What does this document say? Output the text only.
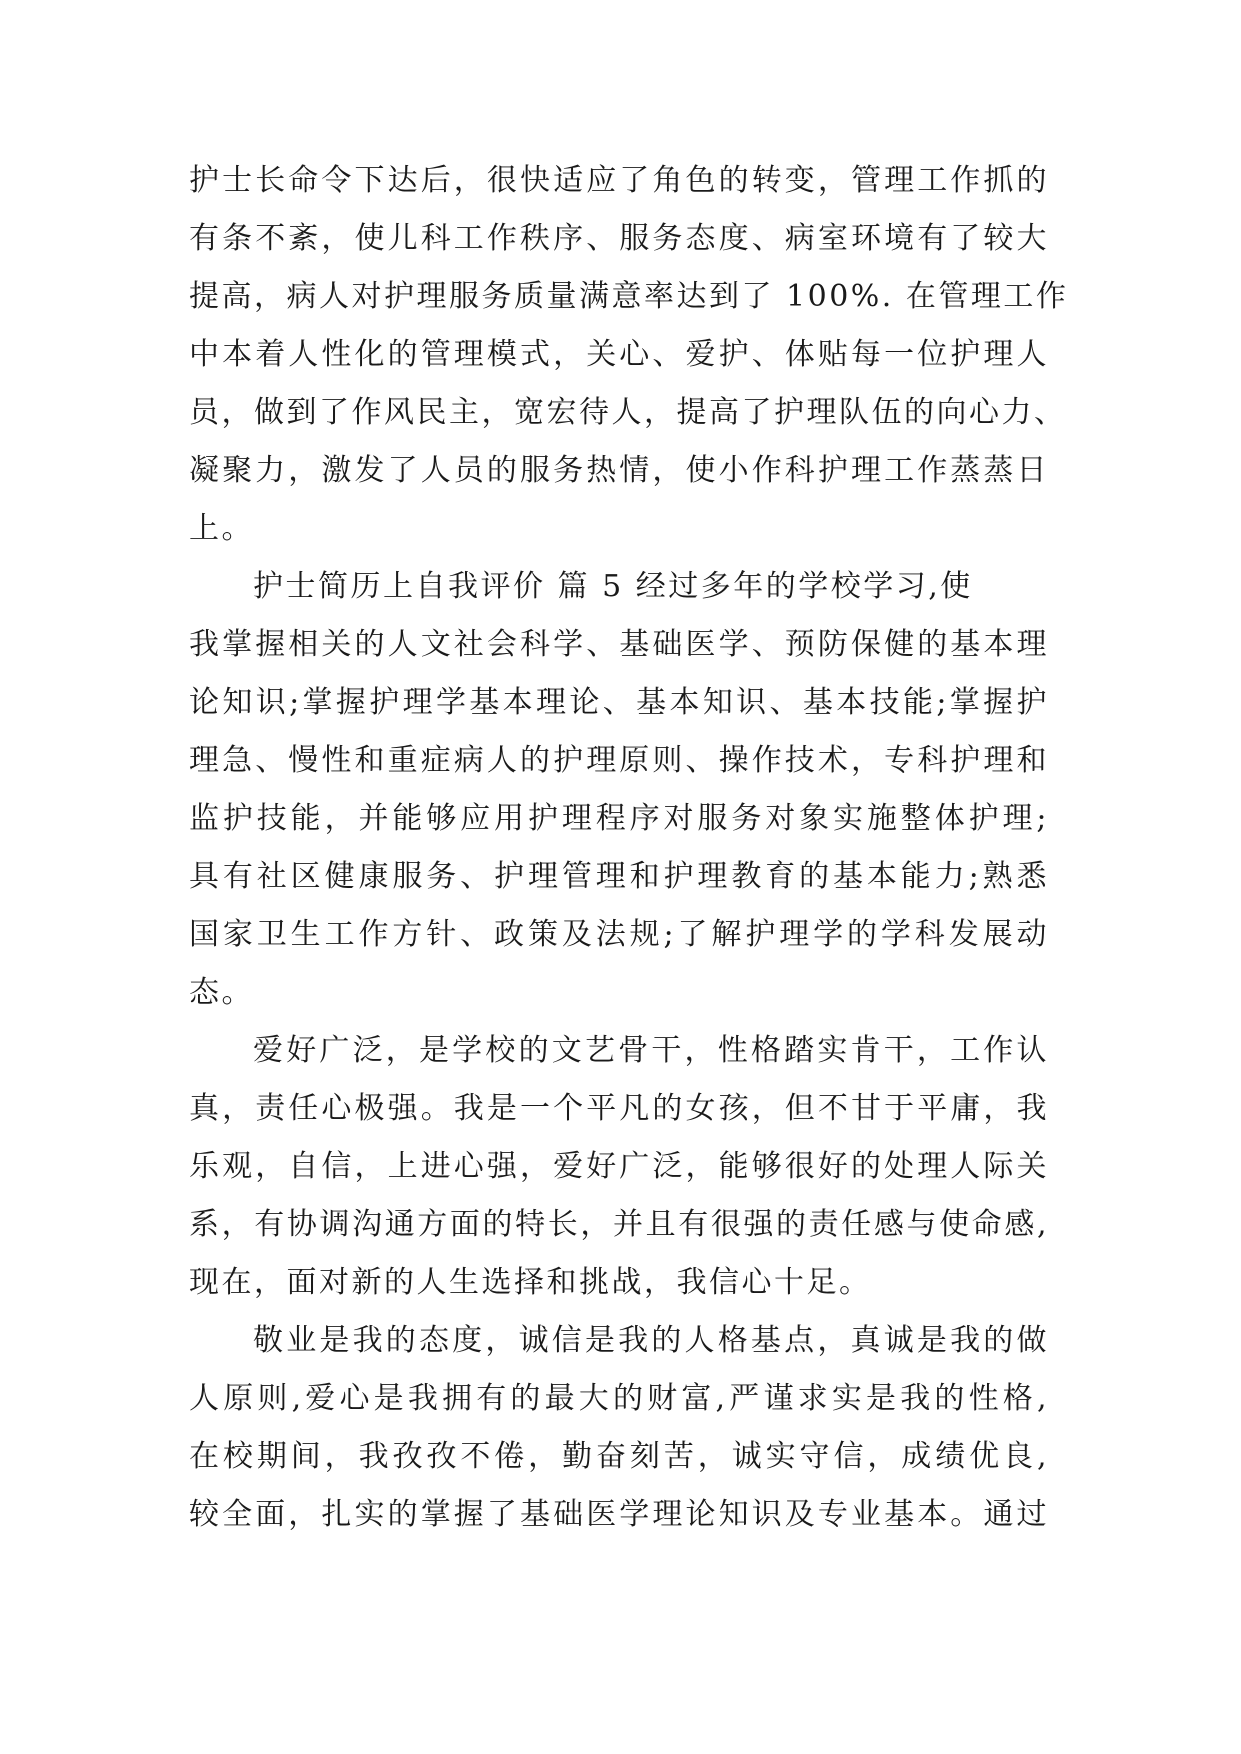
护士长命令下达后，很快适应了角色的转变，管理工作抓的
有条不紊，使儿科工作秩序、服务态度、病室环境有了较大
提高，病人对护理服务质量满意率达到了 100%. 在管理工作
中本着人性化的管理模式，关心、爱护、体贴每一位护理人
员，做到了作风民主，宽宏待人，提高了护理队伍的向心力、
凝聚力，激发了人员的服务热情，使小作科护理工作蒸蒸日
上。
护士简历上自我评价 篇 5 经过多年的学校学习,使
我掌握相关的人文社会科学、基础医学、预防保健的基本理
论知识;掌握护理学基本理论、基本知识、基本技能;掌握护
理急、慢性和重症病人的护理原则、操作技术，专科护理和
监护技能，并能够应用护理程序对服务对象实施整体护理;
具有社区健康服务、护理管理和护理教育的基本能力;熟悉
国家卫生工作方针、政策及法规;了解护理学的学科发展动
态。
爱好广泛，是学校的文艺骨干，性格踏实肯干，工作认
真，责任心极强。我是一个平凡的女孩，但不甘于平庸，我
乐观，自信，上进心强，爱好广泛，能够很好的处理人际关
系，有协调沟通方面的特长，并且有很强的责任感与使命感,
现在，面对新的人生选择和挑战，我信心十足。
敬业是我的态度，诚信是我的人格基点，真诚是我的做
人原则,爱心是我拥有的最大的财富,严谨求实是我的性格,
在校期间，我孜孜不倦，勤奋刻苦，诚实守信，成绩优良,
较全面，扎实的掌握了基础医学理论知识及专业基本。通过
